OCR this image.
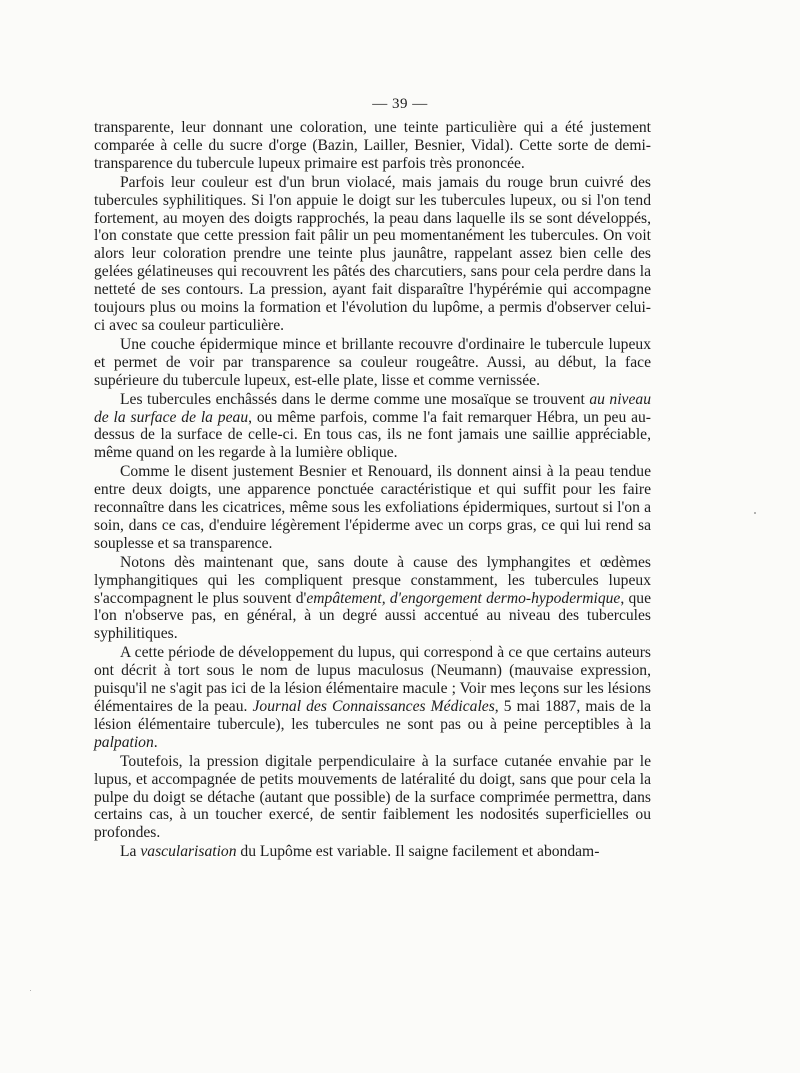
— 39 —

transparente, leur donnant une coloration, une teinte particulière qui a été justement comparée à celle du sucre d'orge (Bazin, Lailler, Besnier, Vidal). Cette sorte de demi-transparence du tubercule lupeux primaire est parfois très prononcée.

Parfois leur couleur est d'un brun violacé, mais jamais du rouge brun cuivré des tubercules syphilitiques. Si l'on appuie le doigt sur les tubercules lupeux, ou si l'on tend fortement, au moyen des doigts rapprochés, la peau dans laquelle ils se sont développés, l'on constate que cette pression fait pâlir un peu momentanément les tubercules. On voit alors leur coloration prendre une teinte plus jaunâtre, rappelant assez bien celle des gelées gélatineuses qui recouvrent les pâtés des charcutiers, sans pour cela perdre dans la netteté de ses contours. La pression, ayant fait disparaître l'hypérémie qui accompagne toujours plus ou moins la formation et l'évolution du lupôme, a permis d'observer celui-ci avec sa couleur particulière.

Une couche épidermique mince et brillante recouvre d'ordinaire le tubercule lupeux et permet de voir par transparence sa couleur rougeâtre. Aussi, au début, la face supérieure du tubercule lupeux, est-elle plate, lisse et comme vernissée.

Les tubercules enchâssés dans le derme comme une mosaïque se trouvent au niveau de la surface de la peau, ou même parfois, comme l'a fait remarquer Hébra, un peu au-dessus de la surface de celle-ci. En tous cas, ils ne font jamais une saillie appréciable, même quand on les regarde à la lumière oblique.

Comme le disent justement Besnier et Renouard, ils donnent ainsi à la peau tendue entre deux doigts, une apparence ponctuée caractéristique et qui suffit pour les faire reconnaître dans les cicatrices, même sous les exfoliations épidermiques, surtout si l'on a soin, dans ce cas, d'enduire légèrement l'épiderme avec un corps gras, ce qui lui rend sa souplesse et sa transparence.

Notons dès maintenant que, sans doute à cause des lymphangites et œdèmes lymphangitiques qui les compliquent presque constamment, les tubercules lupeux s'accompagnent le plus souvent d'empâtement, d'engorgement dermo-hypodermique, que l'on n'observe pas, en général, à un degré aussi accentué au niveau des tubercules syphilitiques.

A cette période de développement du lupus, qui correspond à ce que certains auteurs ont décrit à tort sous le nom de lupus maculosus (Neumann) (mauvaise expression, puisqu'il ne s'agit pas ici de la lésion élémentaire macule ; Voir mes leçons sur les lésions élémentaires de la peau. Journal des Connaissances Médicales, 5 mai 1887, mais de la lésion élémentaire tubercule), les tubercules ne sont pas ou à peine perceptibles à la palpation.

Toutefois, la pression digitale perpendiculaire à la surface cutanée envahie par le lupus, et accompagnée de petits mouvements de latéralité du doigt, sans que pour cela la pulpe du doigt se détache (autant que possible) de la surface comprimée permettra, dans certains cas, à un toucher exercé, de sentir faiblement les nodosités superficielles ou profondes.

La vascularisation du Lupôme est variable. Il saigne facilement et abondam-
